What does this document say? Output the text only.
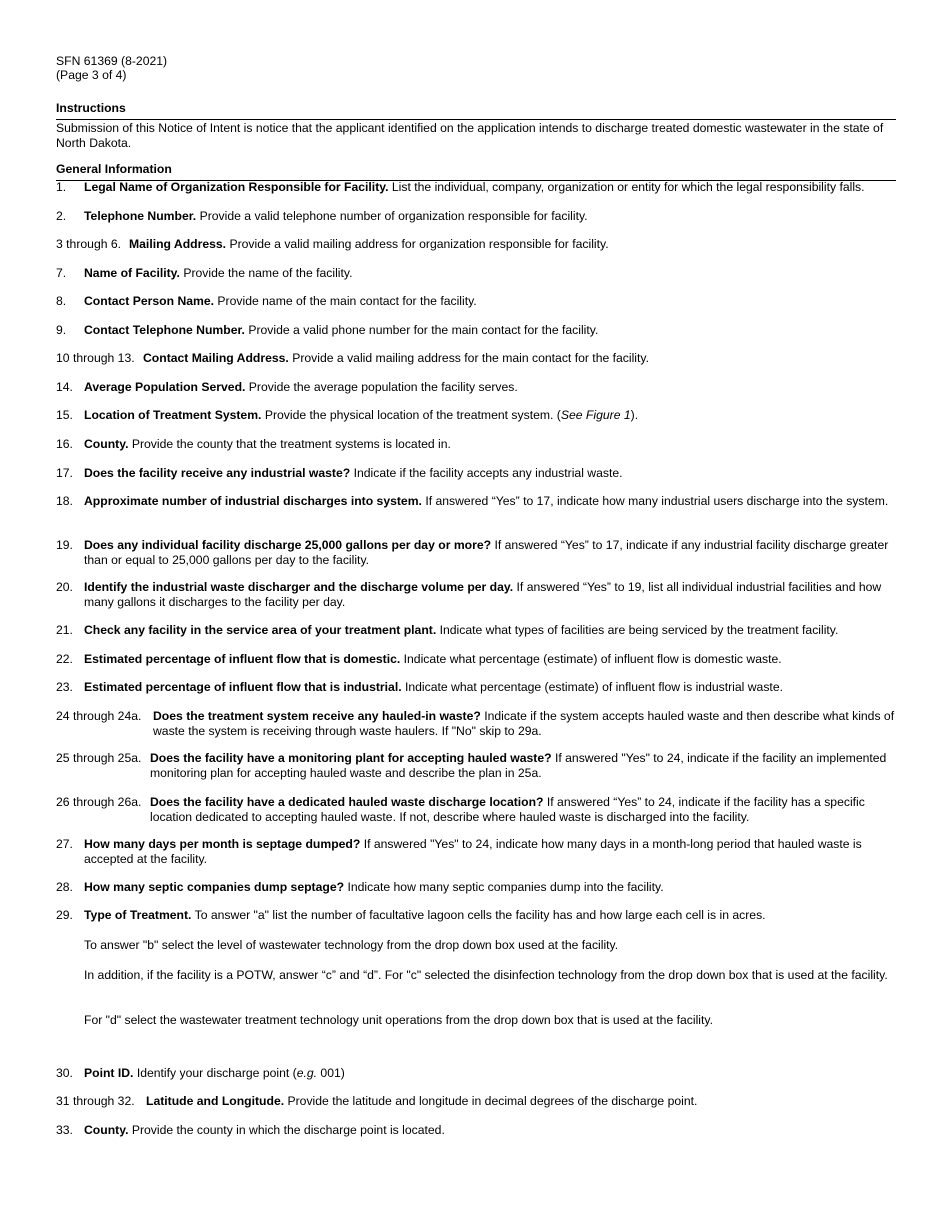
SFN 61369 (8-2021)
(Page 3 of 4)
Instructions
Submission of this Notice of Intent is notice that the applicant identified on the application intends to discharge treated domestic wastewater in the state of North Dakota.
General Information
1.	Legal Name of Organization Responsible for Facility. List the individual, company, organization or entity for which the legal responsibility falls.
2.	Telephone Number. Provide a valid telephone number of organization responsible for facility.
3 through 6. Mailing Address. Provide a valid mailing address for organization responsible for facility.
7.	Name of Facility. Provide the name of the facility.
8.	Contact Person Name. Provide name of the main contact for the facility.
9.	Contact Telephone Number. Provide a valid phone number for the main contact for the facility.
10 through 13. Contact Mailing Address. Provide a valid mailing address for the main contact for the facility.
14. Average Population Served. Provide the average population the facility serves.
15. Location of Treatment System. Provide the physical location of the treatment system. (See Figure 1).
16. County. Provide the county that the treatment systems is located in.
17. Does the facility receive any industrial waste? Indicate if the facility accepts any industrial waste.
18. Approximate number of industrial discharges into system. If answered “Yes” to 17, indicate how many industrial users discharge into the system.
19. Does any individual facility discharge 25,000 gallons per day or more? If answered “Yes” to 17, indicate if any industrial facility discharge greater than or equal to 25,000 gallons per day to the facility.
20. Identify the industrial waste discharger and the discharge volume per day. If answered “Yes” to 19, list all individual industrial facilities and how many gallons it discharges to the facility per day.
21. Check any facility in the service area of your treatment plant. Indicate what types of facilities are being serviced by the treatment facility.
22. Estimated percentage of influent flow that is domestic. Indicate what percentage (estimate) of influent flow is domestic waste.
23. Estimated percentage of influent flow that is industrial. Indicate what percentage (estimate) of influent flow is industrial waste.
24 through 24a. Does the treatment system receive any hauled-in waste? Indicate if the system accepts hauled waste and then describe what kinds of waste the system is receiving through waste haulers. If "No" skip to 29a.
25 through 25a. Does the facility have a monitoring plant for accepting hauled waste? If answered "Yes" to 24, indicate if the facility an implemented monitoring plan for accepting hauled waste and describe the plan in 25a.
26 through 26a. Does the facility have a dedicated hauled waste discharge location? If answered “Yes” to 24, indicate if the facility has a specific location dedicated to accepting hauled waste. If not, describe where hauled waste is discharged into the facility.
27. How many days per month is septage dumped? If answered "Yes" to 24, indicate how many days in a month-long period that hauled waste is accepted at the facility.
28. How many septic companies dump septage? Indicate how many septic companies dump into the facility.
29. Type of Treatment. To answer "a" list the number of facultative lagoon cells the facility has and how large each cell is in acres.
To answer "b" select the level of wastewater technology from the drop down box used at the facility.
In addition, if the facility is a POTW, answer “c” and “d”. For "c" selected the disinfection technology from the drop down box that is used at the facility.
For "d" select the wastewater treatment technology unit operations from the drop down box that is used at the facility.
30. Point ID. Identify your discharge point (e.g. 001)
31 through 32. Latitude and Longitude. Provide the latitude and longitude in decimal degrees of the discharge point.
33. County. Provide the county in which the discharge point is located.
